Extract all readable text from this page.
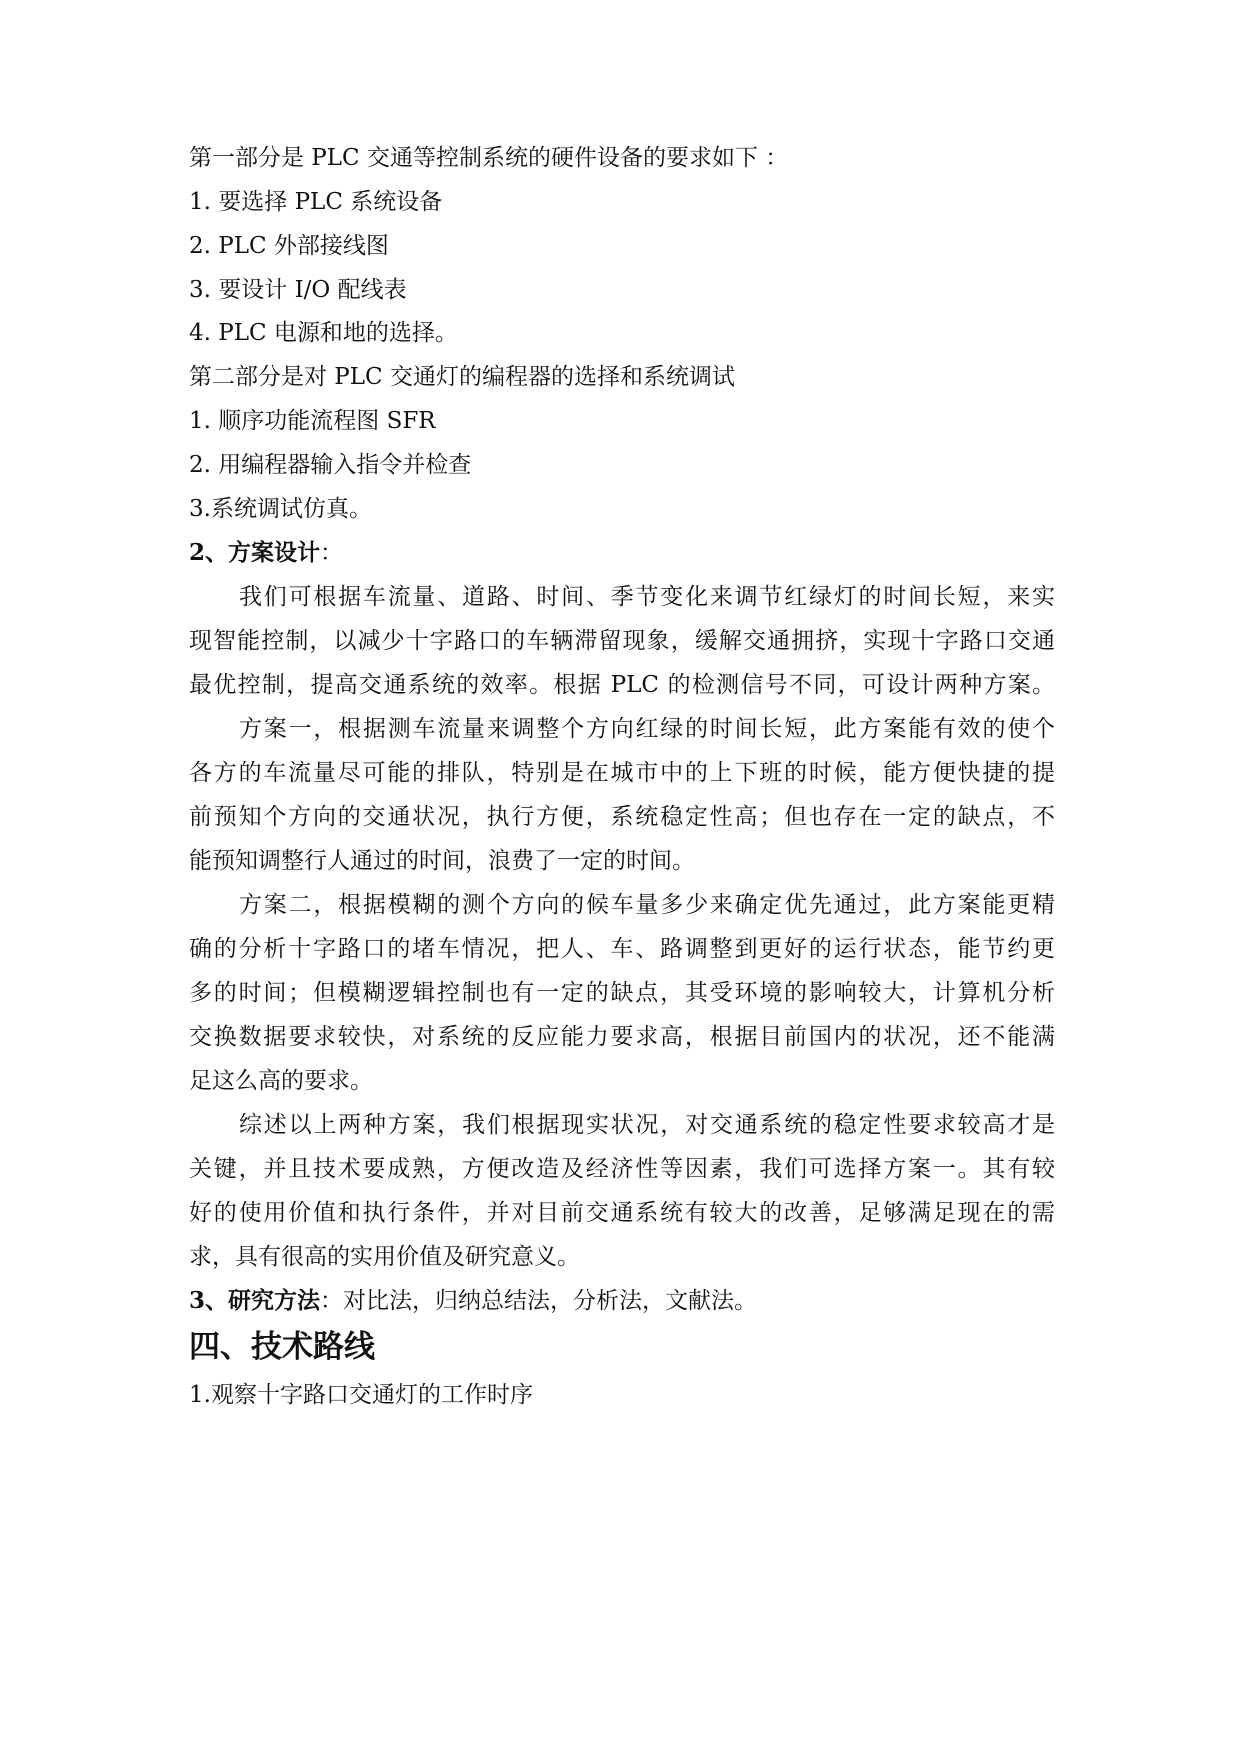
第一部分是 PLC 交通等控制系统的硬件设备的要求如下 ：
1. 要选择 PLC 系统设备
2. PLC 外部接线图
3. 要设计 I/O 配线表
4. PLC 电源和地的选择。
第二部分是对 PLC 交通灯的编程器的选择和系统调试
1. 顺序功能流程图 SFR
2. 用编程器输入指令并检查
3.系统调试仿真。
2、方案设计：
我们可根据车流量、道路、时间、季节变化来调节红绿灯的时间长短，来实
现智能控制，以减少十字路口的车辆滞留现象，缓解交通拥挤，实现十字路口交通
最优控制，提高交通系统的效率。根据 PLC 的检测信号不同，可设计两种方案。
方案一，根据测车流量来调整个方向红绿的时间长短，此方案能有效的使个
各方的车流量尽可能的排队，特别是在城市中的上下班的时候，能方便快捷的提
前预知个方向的交通状况，执行方便，系统稳定性高；但也存在一定的缺点，不
能预知调整行人通过的时间，浪费了一定的时间。
方案二，根据模糊的测个方向的候车量多少来确定优先通过，此方案能更精
确的分析十字路口的堵车情况，把人、车、路调整到更好的运行状态，能节约更
多的时间；但模糊逻辑控制也有一定的缺点，其受环境的影响较大，计算机分析
交换数据要求较快，对系统的反应能力要求高，根据目前国内的状况，还不能满
足这么高的要求。
综述以上两种方案，我们根据现实状况，对交通系统的稳定性要求较高才是
关键，并且技术要成熟，方便改造及经济性等因素，我们可选择方案一。其有较
好的使用价值和执行条件，并对目前交通系统有较大的改善，足够满足现在的需
求，具有很高的实用价值及研究意义。
3、研究方法：对比法，归纳总结法，分析法，文献法。
四、技术路线
1.观察十字路口交通灯的工作时序
